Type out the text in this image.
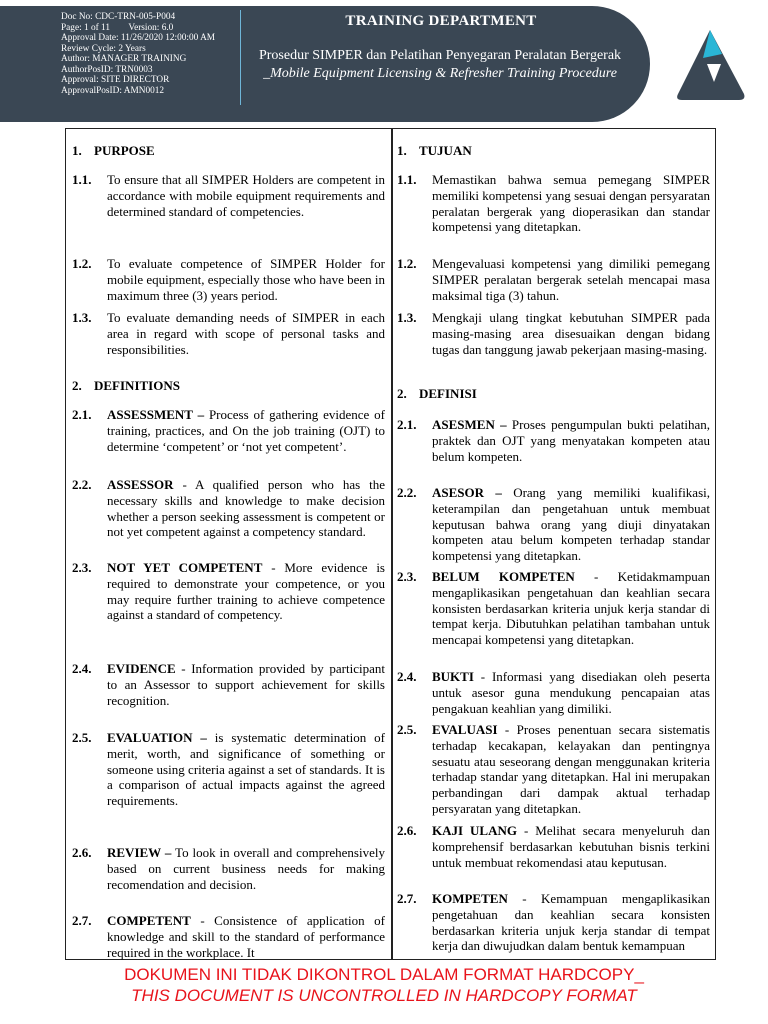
Doc No: CDC-TRN-005-P004
Page: 1 of 11        Version: 6.0
Approval Date: 11/26/2020 12:00:00 AM
Review Cycle: 2 Years
Author: MANAGER TRAINING
AuthorPosID: TRN0003
Approval: SITE DIRECTOR
ApprovalPosID: AMN0012
TRAINING DEPARTMENT
Prosedur SIMPER dan Pelatihan Penyegaran Peralatan Bergerak _Mobile Equipment Licensing & Refresher Training Procedure
1. PURPOSE
1.1. To ensure that all SIMPER Holders are competent in accordance with mobile equipment requirements and determined standard of competencies.
1.2. To evaluate competence of SIMPER Holder for mobile equipment, especially those who have been in maximum three (3) years period.
1.3. To evaluate demanding needs of SIMPER in each area in regard with scope of personal tasks and responsibilities.
2. DEFINITIONS
2.1. ASSESSMENT – Process of gathering evidence of training, practices, and On the job training (OJT) to determine ‘competent’ or ‘not yet competent’.
2.2. ASSESSOR - A qualified person who has the necessary skills and knowledge to make decision whether a person seeking assessment is competent or not yet competent against a competency standard.
2.3. NOT YET COMPETENT - More evidence is required to demonstrate your competence, or you may require further training to achieve competence against a standard of competency.
2.4. EVIDENCE - Information provided by participant to an Assessor to support achievement for skills recognition.
2.5. EVALUATION – is systematic determination of merit, worth, and significance of something or someone using criteria against a set of standards. It is a comparison of actual impacts against the agreed requirements.
2.6. REVIEW – To look in overall and comprehensively based on current business needs for making recomendation and decision.
2.7. COMPETENT - Consistence of application of knowledge and skill to the standard of performance required in the workplace. It
1. TUJUAN
1.1. Memastikan bahwa semua pemegang SIMPER memiliki kompetensi yang sesuai dengan persyaratan peralatan bergerak yang dioperasikan dan standar kompetensi yang ditetapkan.
1.2. Mengevaluasi kompetensi yang dimiliki pemegang SIMPER peralatan bergerak setelah mencapai masa maksimal tiga (3) tahun.
1.3. Mengkaji ulang tingkat kebutuhan SIMPER pada masing-masing area disesuaikan dengan bidang tugas dan tanggung jawab pekerjaan masing-masing.
2. DEFINISI
2.1. ASESMEN – Proses pengumpulan bukti pelatihan, praktek dan OJT yang menyatakan kompeten atau belum kompeten.
2.2. ASESOR – Orang yang memiliki kualifikasi, keterampilan dan pengetahuan untuk membuat keputusan bahwa orang yang diuji dinyatakan kompeten atau belum kompeten terhadap standar kompetensi yang ditetapkan.
2.3. BELUM KOMPETEN - Ketidakmampuan mengaplikasikan pengetahuan dan keahlian secara konsisten berdasarkan kriteria unjuk kerja standar di tempat kerja. Dibutuhkan pelatihan tambahan untuk mencapai kompetensi yang ditetapkan.
2.4. BUKTI - Informasi yang disediakan oleh peserta untuk asesor guna mendukung pencapaian atas pengakuan keahlian yang dimiliki.
2.5. EVALUASI - Proses penentuan secara sistematis terhadap kecakapan, kelayakan dan pentingnya sesuatu atau seseorang dengan menggunakan kriteria terhadap standar yang ditetapkan. Hal ini merupakan perbandingan dari dampak aktual terhadap persyaratan yang ditetapkan.
2.6. KAJI ULANG - Melihat secara menyeluruh dan komprehensif berdasarkan kebutuhan bisnis terkini untuk membuat rekomendasi atau keputusan.
2.7. KOMPETEN - Kemampuan mengaplikasikan pengetahuan dan keahlian secara konsisten berdasarkan kriteria unjuk kerja standar di tempat kerja dan diwujudkan dalam bentuk kemampuan
DOKUMEN INI TIDAK DIKONTROL DALAM FORMAT HARDCOPY_
THIS DOCUMENT IS UNCONTROLLED IN HARDCOPY FORMAT
